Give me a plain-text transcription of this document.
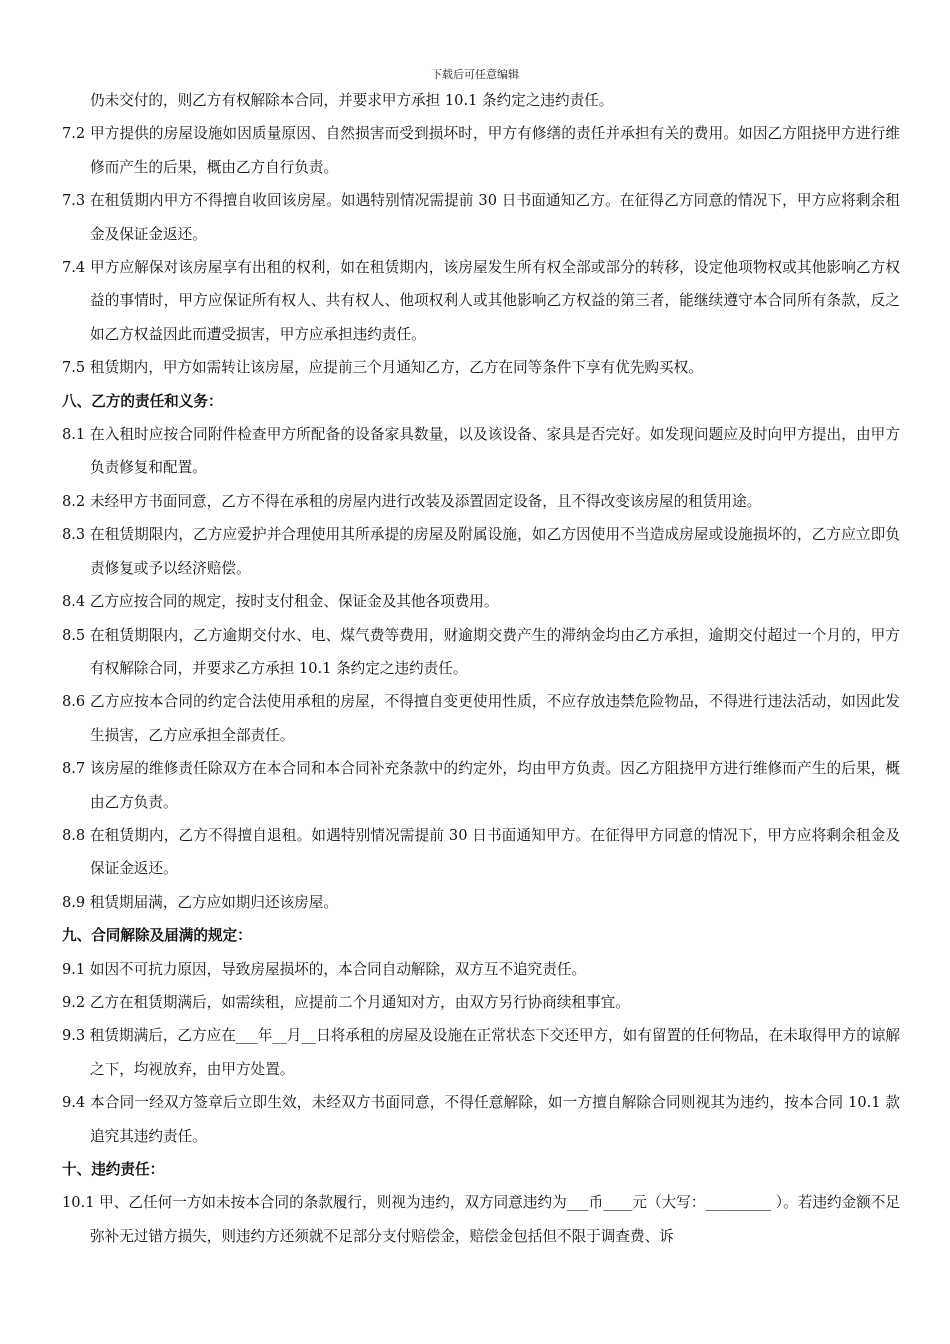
下载后可任意编辑

仍未交付的，则乙方有权解除本合同，并要求甲方承担 10.1 条约定之违约责任。

7.2 甲方提供的房屋设施如因质量原因、自然损害而受到损坏时，甲方有修缮的责任并承担有关的费用。如因乙方阻挠甲方进行维修而产生的后果，概由乙方自行负责。

7.3 在租赁期内甲方不得擅自收回该房屋。如遇特别情况需提前 30 日书面通知乙方。在征得乙方同意的情况下，甲方应将剩余租金及保证金返还。

7.4 甲方应解保对该房屋享有出租的权利，如在租赁期内，该房屋发生所有权全部或部分的转移，设定他项物权或其他影响乙方权益的事情时，甲方应保证所有权人、共有权人、他项权利人或其他影响乙方权益的第三者，能继续遵守本合同所有条款，反之如乙方权益因此而遭受损害，甲方应承担违约责任。

7.5 租赁期内，甲方如需转让该房屋，应提前三个月通知乙方，乙方在同等条件下享有优先购买权。

八、乙方的责任和义务：

8.1 在入租时应按合同附件检查甲方所配备的设备家具数量，以及该设备、家具是否完好。如发现问题应及时向甲方提出，由甲方负责修复和配置。

8.2 未经甲方书面同意，乙方不得在承租的房屋内进行改装及添置固定设备，且不得改变该房屋的租赁用途。

8.3 在租赁期限内，乙方应爱护并合理使用其所承提的房屋及附属设施，如乙方因使用不当造成房屋或设施损坏的，乙方应立即负责修复或予以经济赔偿。

8.4 乙方应按合同的规定，按时支付租金、保证金及其他各项费用。

8.5 在租赁期限内，乙方逾期交付水、电、煤气费等费用，财逾期交费产生的滞纳金均由乙方承担，逾期交付超过一个月的，甲方有权解除合同，并要求乙方承担 10.1 条约定之违约责任。

8.6 乙方应按本合同的约定合法使用承租的房屋，不得擅自变更使用性质，不应存放违禁危险物品，不得进行违法活动，如因此发生损害，乙方应承担全部责任。

8.7 该房屋的维修责任除双方在本合同和本合同补充条款中的约定外，均由甲方负责。因乙方阻挠甲方进行维修而产生的后果，概由乙方负责。

8.8 在租赁期内，乙方不得擅自退租。如遇特别情况需提前 30 日书面通知甲方。在征得甲方同意的情况下，甲方应将剩余租金及保证金返还。

8.9 租赁期届满，乙方应如期归还该房屋。

九、合同解除及届满的规定：

9.1 如因不可抗力原因，导致房屋损坏的，本合同自动解除，双方互不追究责任。

9.2 乙方在租赁期满后，如需续租，应提前二个月通知对方，由双方另行协商续租事宜。

9.3 租赁期满后，乙方应在___年__月__日将承租的房屋及设施在正常状态下交还甲方，如有留置的任何物品，在未取得甲方的谅解之下，均视放弃，由甲方处置。

9.4 本合同一经双方签章后立即生效，未经双方书面同意，不得任意解除，如一方擅自解除合同则视其为违约，按本合同 10.1 款追究其违约责任。

十、违约责任：

10.1 甲、乙任何一方如未按本合同的条款履行，则视为违约，双方同意违约为___币____元（大写：_________ ）。若违约金额不足弥补无过错方损失，则违约方还须就不足部分支付赔偿金，赔偿金包括但不限于调查费、诉
